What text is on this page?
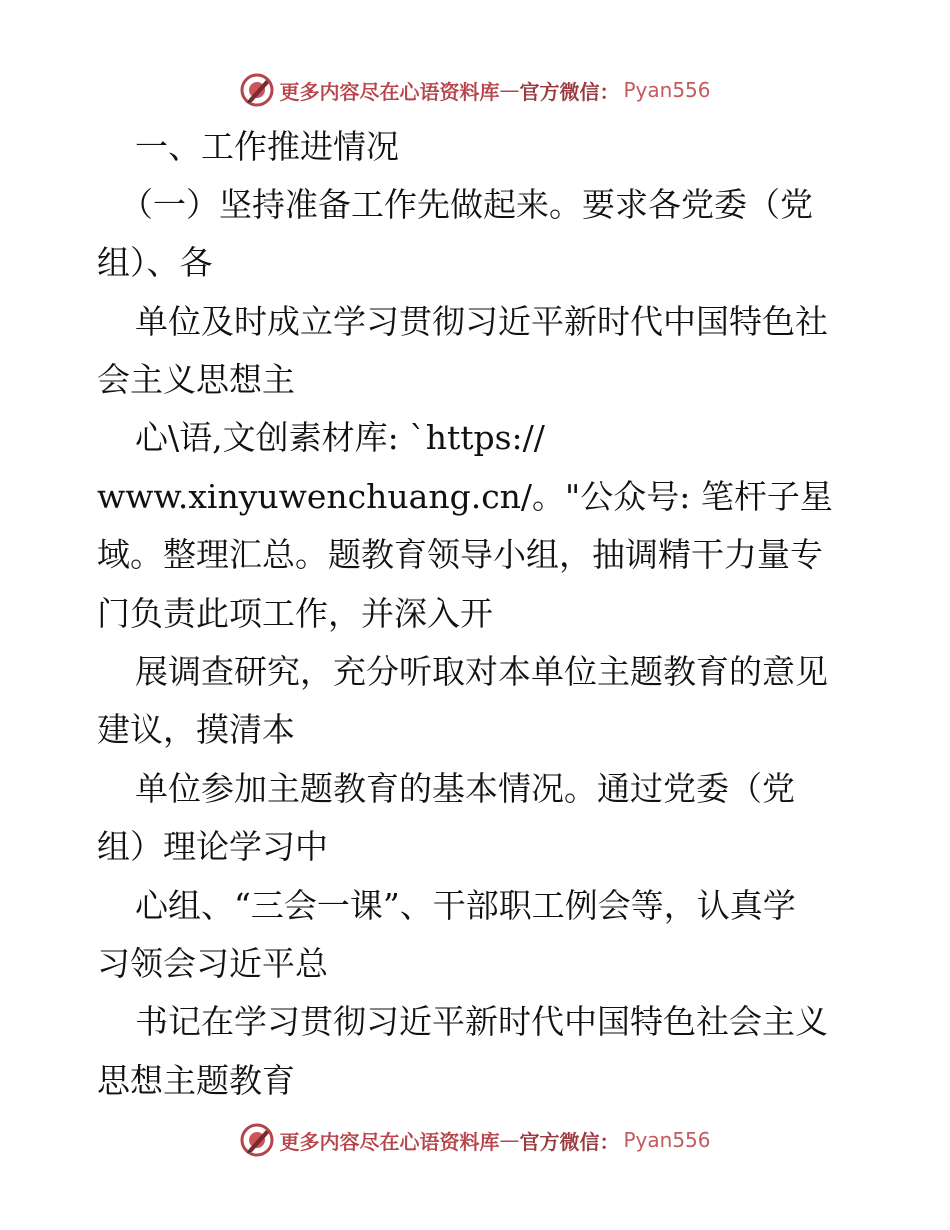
更多内容尽在心语资料库 — 官方微信： Pyan556
一、工作推进情况
（一）坚持准备工作先做起来。要求各党委（党
组）、各
单位及时成立学习贯彻习近平新时代中国特色社
会主义思想主
心\语,文创素材库: `https://
www.xinyuwenchuang.cn/。"公众号: 笔杆子星
域。整理汇总。题教育领导小组，抽调精干力量专
门负责此项工作，并深入开
展调查研究，充分听取对本单位主题教育的意见
建议，摸清本
单位参加主题教育的基本情况。通过党委（党
组）理论学习中
心组、“三会一课”、干部职工例会等，认真学
习领会习近平总
书记在学习贯彻习近平新时代中国特色社会主义
思想主题教育
更多内容尽在心语资料库 — 官方微信： Pyan556
